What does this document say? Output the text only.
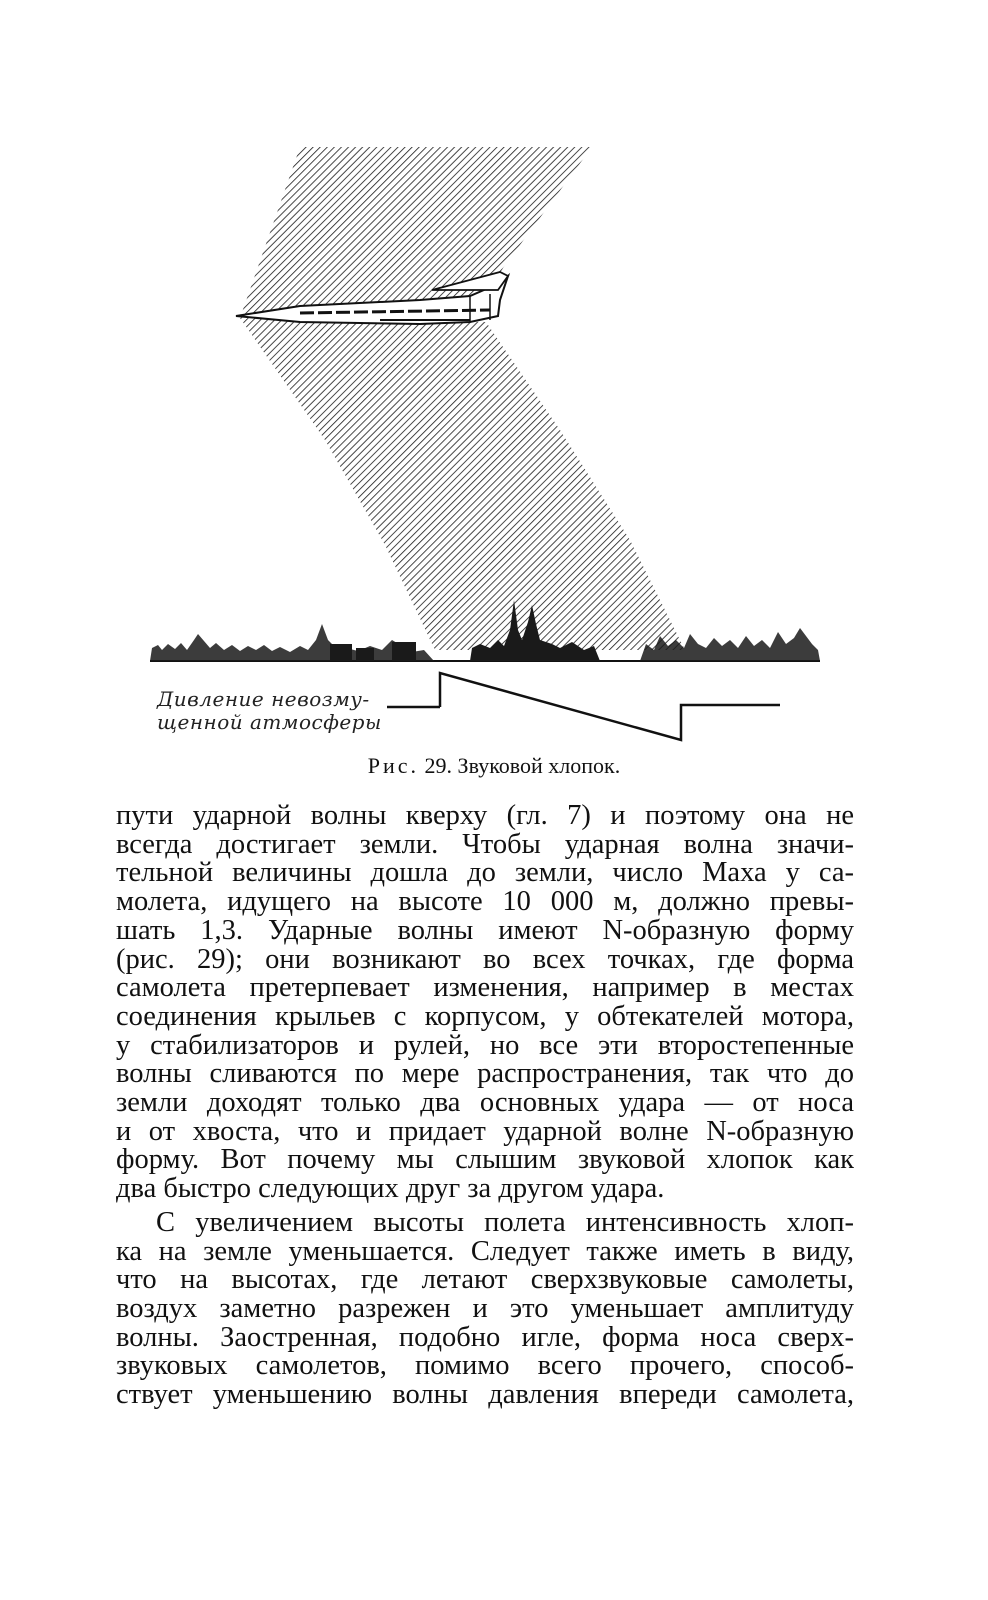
Дивление невозму-
щенной атмосферы
Рис. 29. Звуковой хлопок.
пути ударной волны кверху (гл. 7) и поэтому она не
всегда достигает земли. Чтобы ударная волна значи-
тельной величины дошла до земли, число Маха у са-
молета, идущего на высоте 10 000 м, должно превы-
шать 1,3. Ударные волны имеют N-образную форму
(рис. 29); они возникают во всех точках, где форма
самолета претерпевает изменения, например в местах
соединения крыльев с корпусом, у обтекателей мотора,
у стабилизаторов и рулей, но все эти второстепенные
волны сливаются по мере распространения, так что до
земли доходят только два основных удара — от носа
и от хвоста, что и придает ударной волне N-образную
форму. Вот почему мы слышим звуковой хлопок как
два быстро следующих друг за другом удара.
С увеличением высоты полета интенсивность хлоп-
ка на земле уменьшается. Следует также иметь в виду,
что на высотах, где летают сверхзвуковые самолеты,
воздух заметно разрежен и это уменьшает амплитуду
волны. Заостренная, подобно игле, форма носа сверх-
звуковых самолетов, помимо всего прочего, способ-
ствует уменьшению волны давления впереди самолета,
